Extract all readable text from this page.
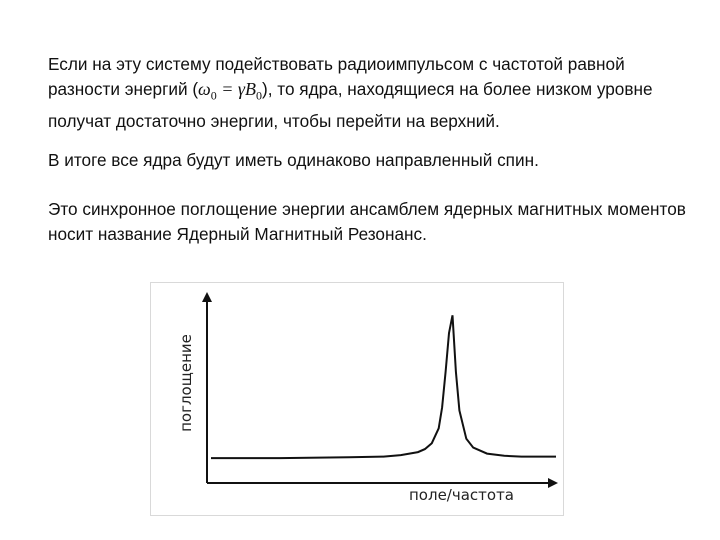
Если на эту систему подействовать радиоимпульсом с частотой равной разности энергий $(\omega_0 = \gamma B_0)$, то ядра, находящиеся на более низком уровне получат достаточно энергии, чтобы перейти на верхний.

В итоге все ядра будут иметь одинаково направленный спин.

Это синхронное поглощение энергии ансамблем ядерных магнитных моментов носит название Ядерный Магнитный Резонанс.

поле/частота
поглощение
